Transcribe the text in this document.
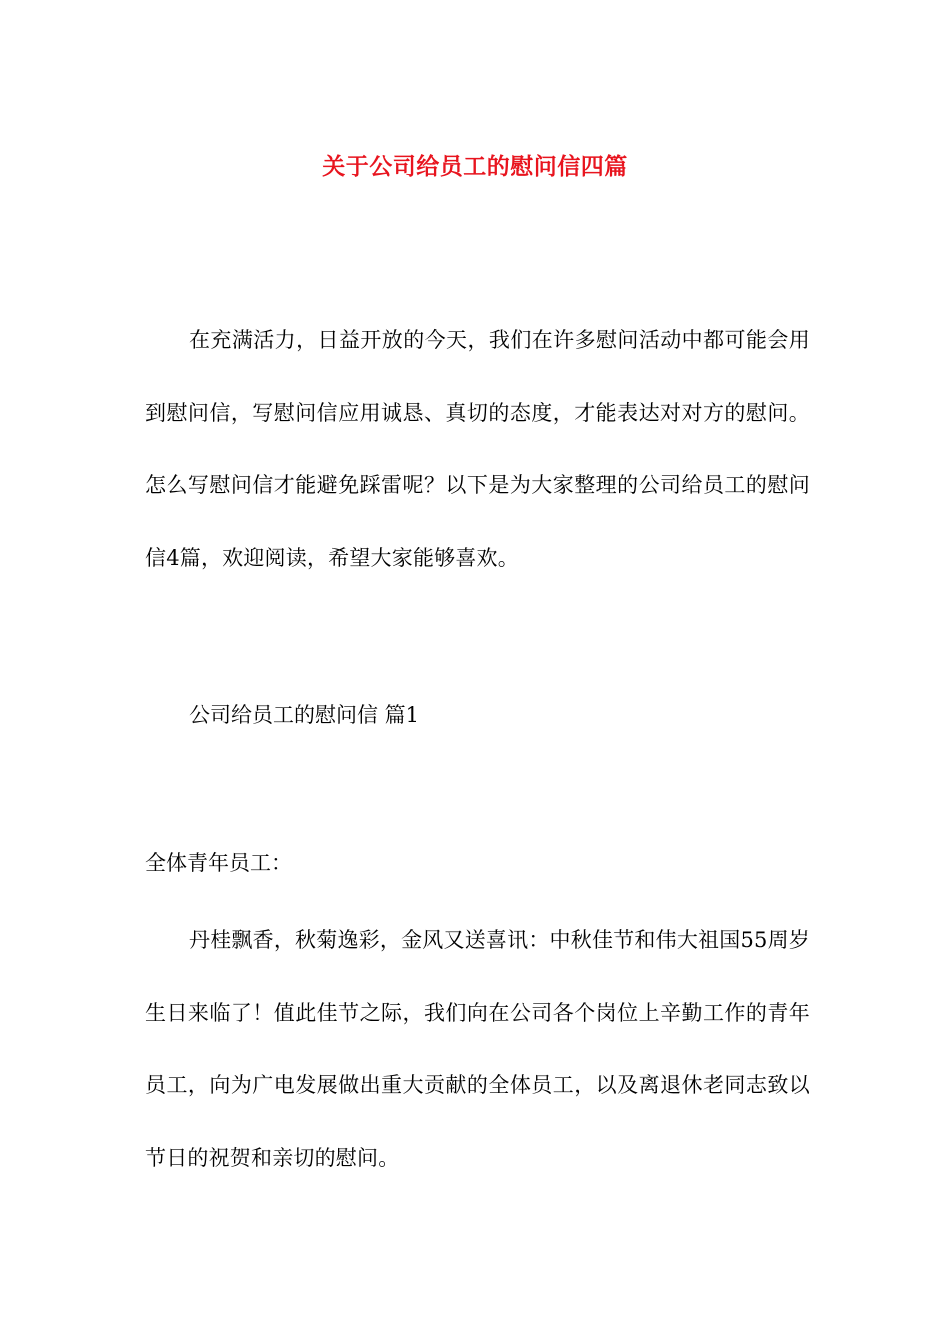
关于公司给员工的慰问信四篇

在充满活力，日益开放的今天，我们在许多慰问活动中都可能会用到慰问信，写慰问信应用诚恳、真切的态度，才能表达对对方的慰问。怎么写慰问信才能避免踩雷呢？以下是为大家整理的公司给员工的慰问信4篇，欢迎阅读，希望大家能够喜欢。

公司给员工的慰问信 篇1

全体青年员工：

丹桂飘香，秋菊逸彩，金风又送喜讯：中秋佳节和伟大祖国55周岁生日来临了！值此佳节之际，我们向在公司各个岗位上辛勤工作的青年员工，向为广电发展做出重大贡献的全体员工，以及离退休老同志致以节日的祝贺和亲切的慰问。
